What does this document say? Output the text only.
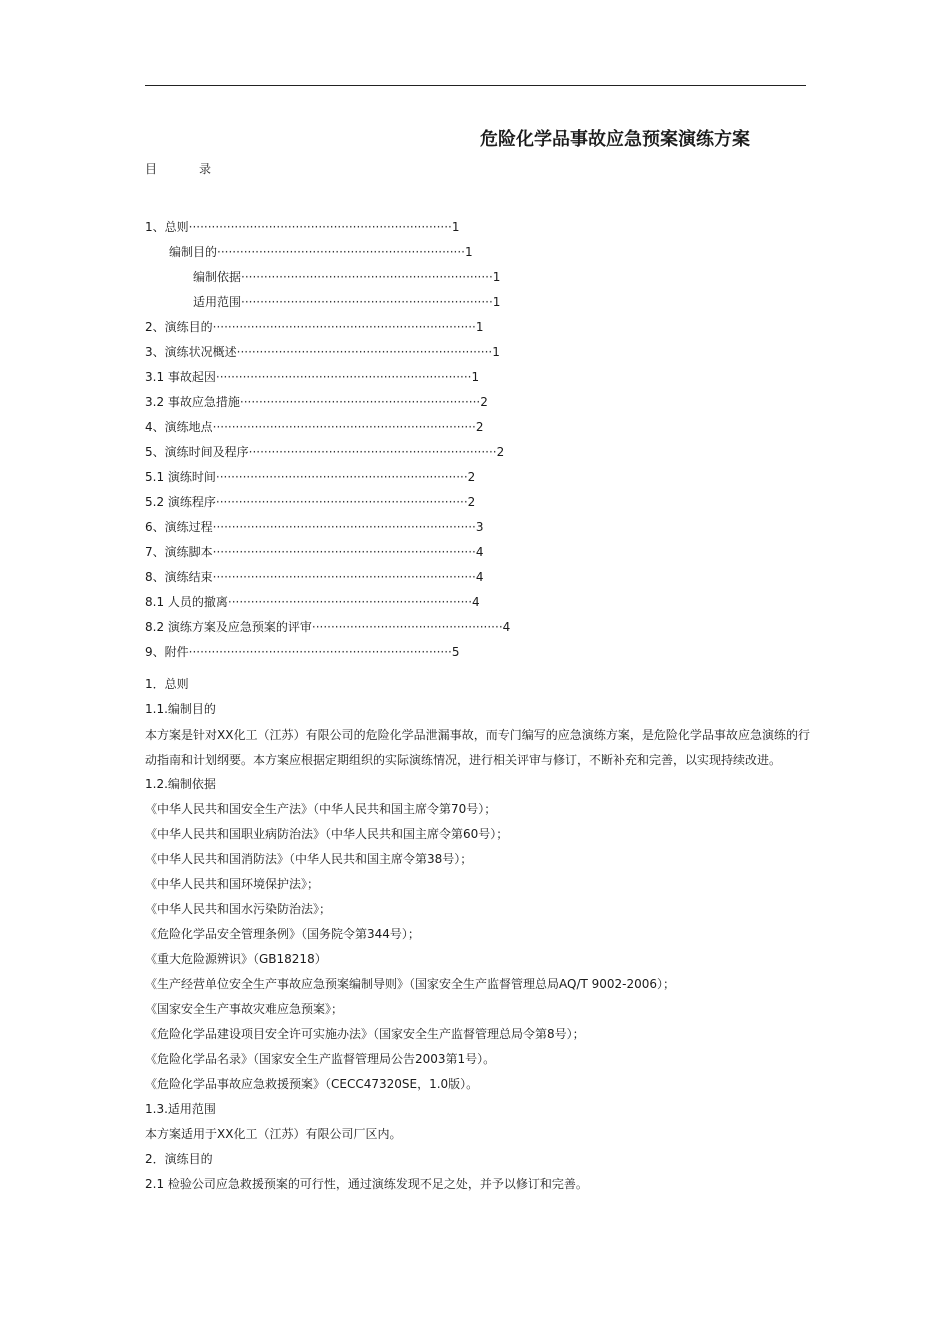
危险化学品事故应急预案演练方案
目	录
1、总则·····································································1
编制目的·································································1
编制依据··································································1
适用范围··································································1
2、演练目的·····································································1
3、演练状况概述···································································1
3.1 事故起因···································································1
3.2 事故应急措施·······························································2
4、演练地点·····································································2
5、演练时间及程序·································································2
5.1 演练时间··································································2
5.2 演练程序··································································2
6、演练过程·····································································3
7、演练脚本·····································································4
8、演练结束·····································································4
8.1 人员的撤离································································4
8.2 演练方案及应急预案的评审··················································4
9、附件·····································································5
1．总则
1.1.编制目的
本方案是针对XX化工（江苏）有限公司的危险化学品泄漏事故，而专门编写的应急演练方案，是危险化学品事故应急演练的行动指南和计划纲要。本方案应根据定期组织的实际演练情况，进行相关评审与修订，不断补充和完善，以实现持续改进。
1.2.编制依据
《中华人民共和国安全生产法》（中华人民共和国主席令第70号）；
《中华人民共和国职业病防治法》（中华人民共和国主席令第60号）；
《中华人民共和国消防法》（中华人民共和国主席令第38号）；
《中华人民共和国环境保护法》；
《中华人民共和国水污染防治法》；
《危险化学品安全管理条例》（国务院令第344号）；
《重大危险源辨识》（GB18218）
《生产经营单位安全生产事故应急预案编制导则》（国家安全生产监督管理总局AQ/T 9002-2006）；
《国家安全生产事故灾难应急预案》；
《危险化学品建设项目安全许可实施办法》（国家安全生产监督管理总局令第8号）；
《危险化学品名录》（国家安全生产监督管理局公告2003第1号）。
《危险化学品事故应急救援预案》（CECC47320SE，1.0版）。
1.3.适用范围
本方案适用于XX化工（江苏）有限公司厂区内。
2．演练目的
2.1 检验公司应急救援预案的可行性，通过演练发现不足之处，并予以修订和完善。
